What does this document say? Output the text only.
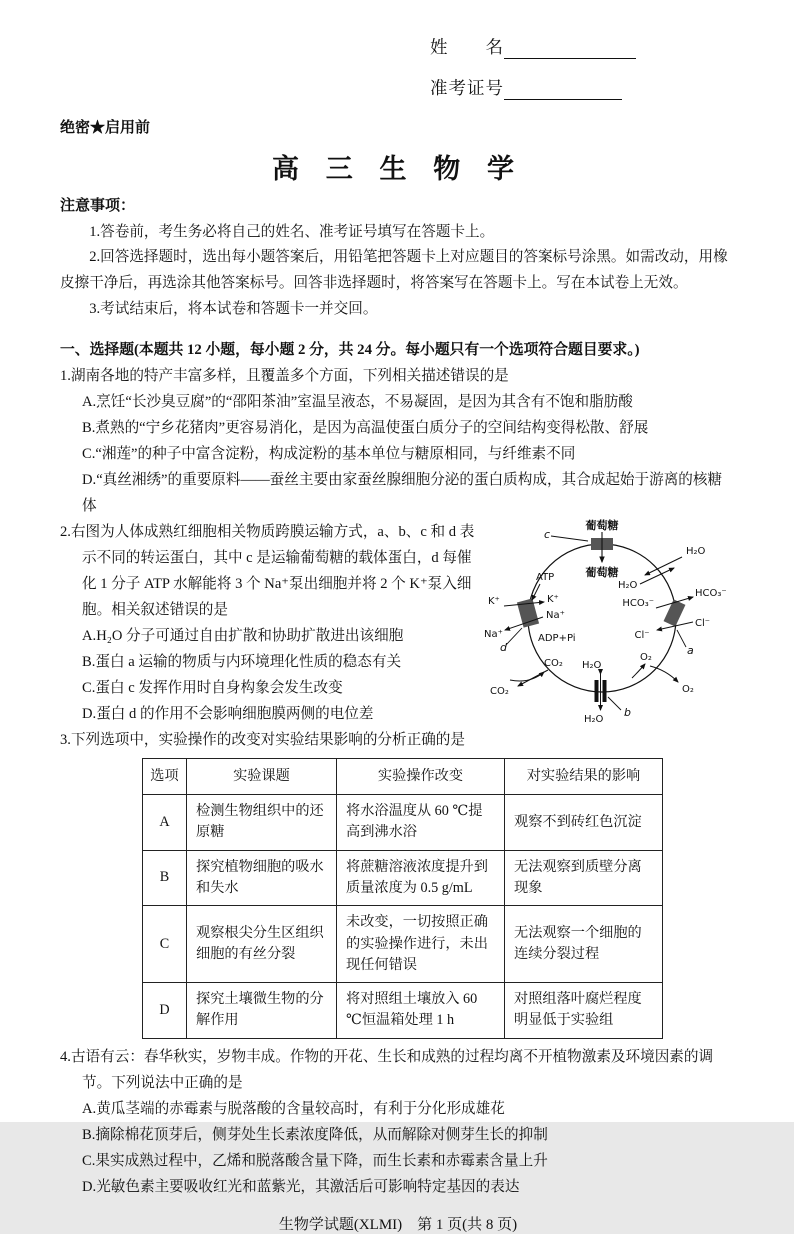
姓　　名
准考证号
绝密★启用前
高 三 生 物 学
注意事项：
1.答卷前，考生务必将自己的姓名、准考证号填写在答题卡上。
2.回答选择题时，选出每小题答案后，用铅笔把答题卡上对应题目的答案标号涂黑。如需改动，用橡皮擦干净后，再选涂其他答案标号。回答非选择题时，将答案写在答题卡上。写在本试卷上无效。
3.考试结束后，将本试卷和答题卡一并交回。
一、选择题(本题共 12 小题，每小题 2 分，共 24 分。每小题只有一个选项符合题目要求。)
1.湖南各地的特产丰富多样，且覆盖多个方面，下列相关描述错误的是
A.烹饪“长沙臭豆腐”的“邵阳茶油”室温呈液态，不易凝固，是因为其含有不饱和脂肪酸
B.煮熟的“宁乡花猪肉”更容易消化，是因为高温使蛋白质分子的空间结构变得松散、舒展
C.“湘莲”的种子中富含淀粉，构成淀粉的基本单位与糖原相同，与纤维素不同
D.“真丝湘绣”的重要原料——蚕丝主要由家蚕丝腺细胞分泌的蛋白质构成，其合成起始于游离的核糖体
葡萄糖
葡萄糖
c
H₂O
H₂O
HCO₃⁻
HCO₃⁻
Cl⁻
Cl⁻
a
K⁺	K⁺
ATP
Na⁺
Na⁺	ADP+Pi
d
CO₂
CO₂
H₂O
H₂O
b
O₂
O₂
2.右图为人体成熟红细胞相关物质跨膜运输方式，a、b、c 和 d 表示不同的转运蛋白，其中 c 是运输葡萄糖的载体蛋白，d 每催化 1 分子 ATP 水解能将 3 个 Na⁺泵出细胞并将 2 个 K⁺泵入细胞。相关叙述错误的是
A.H₂O 分子可通过自由扩散和协助扩散进出该细胞
B.蛋白 a 运输的物质与内环境理化性质的稳态有关
C.蛋白 c 发挥作用时自身构象会发生改变
D.蛋白 d 的作用不会影响细胞膜两侧的电位差
3.下列选项中，实验操作的改变对实验结果影响的分析正确的是
选项	实验课题	实验操作改变	对实验结果的影响
A	检测生物组织中的还原糖	将水浴温度从 60 ℃提高到沸水浴	观察不到砖红色沉淀
B	探究植物细胞的吸水和失水	将蔗糖溶液浓度提升到质量浓度为 0.5 g/mL	无法观察到质壁分离现象
C	观察根尖分生区组织细胞的有丝分裂	未改变，一切按照正确的实验操作进行，未出现任何错误	无法观察一个细胞的连续分裂过程
D	探究土壤微生物的分解作用	将对照组土壤放入 60 ℃恒温箱处理 1 h	对照组落叶腐烂程度明显低于实验组
4.古语有云：春华秋实，岁物丰成。作物的开花、生长和成熟的过程均离不开植物激素及环境因素的调节。下列说法中正确的是
A.黄瓜茎端的赤霉素与脱落酸的含量较高时，有利于分化形成雄花
B.摘除棉花顶芽后，侧芽处生长素浓度降低，从而解除对侧芽生长的抑制
C.果实成熟过程中，乙烯和脱落酸含量下降，而生长素和赤霉素含量上升
D.光敏色素主要吸收红光和蓝紫光，其激活后可影响特定基因的表达
生物学试题(XLMI)　第 1 页(共 8 页)
